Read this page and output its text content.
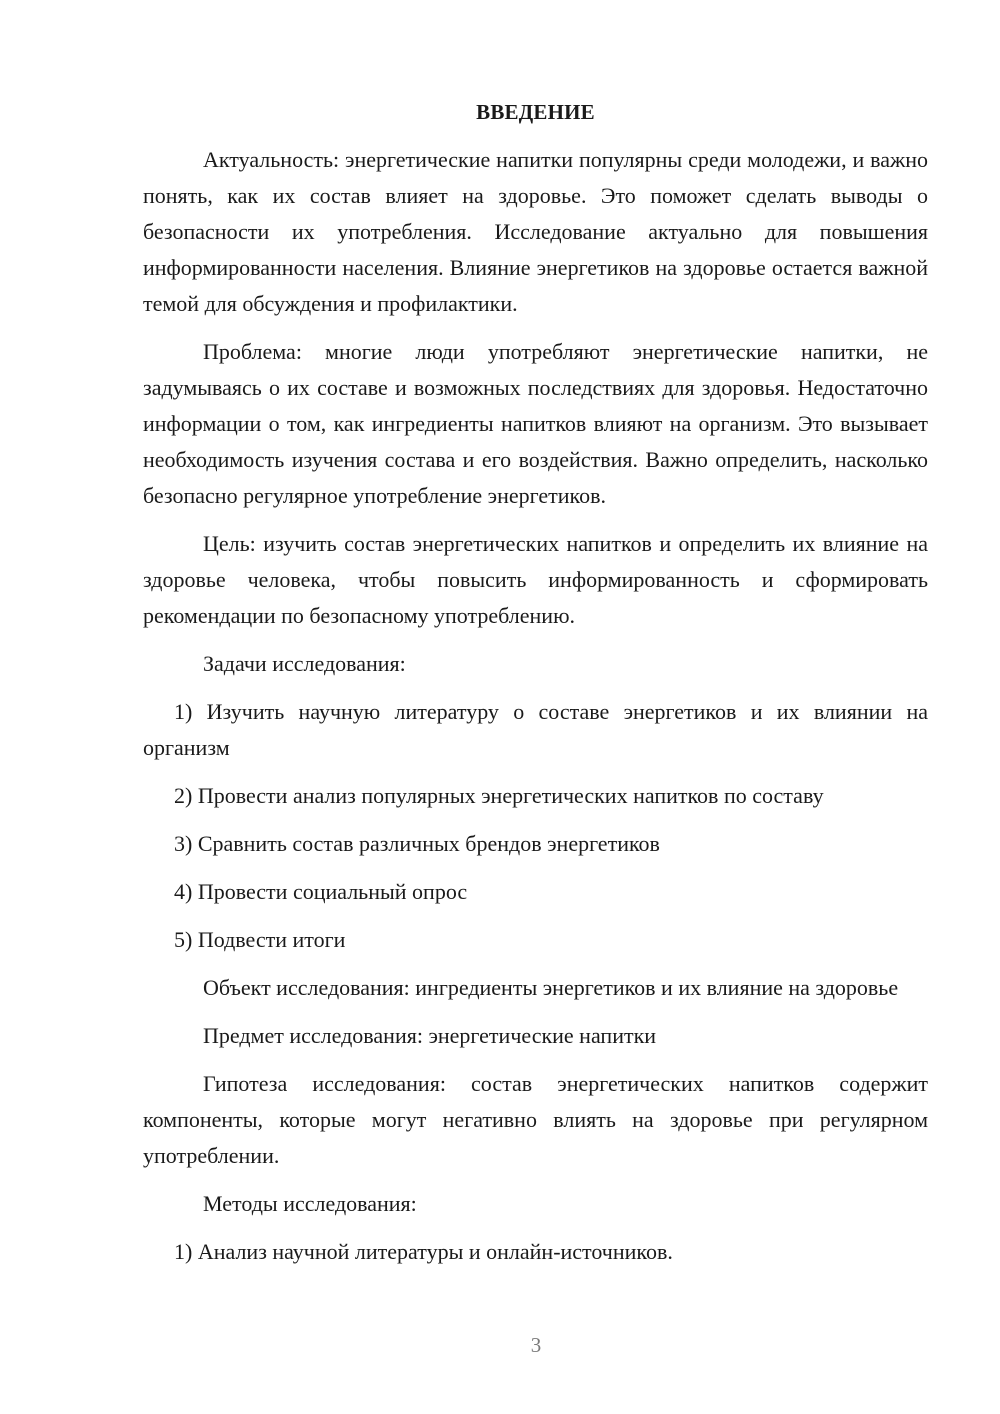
ВВЕДЕНИЕ

Актуальность: энергетические напитки популярны среди молодежи, и важно понять, как их состав влияет на здоровье. Это поможет сделать выводы о безопасности их употребления. Исследование актуально для повышения информированности населения. Влияние энергетиков на здоровье остается важной темой для обсуждения и профилактики.

Проблема: многие люди употребляют энергетические напитки, не задумываясь о их составе и возможных последствиях для здоровья. Недостаточно информации о том, как ингредиенты напитков влияют на организм. Это вызывает необходимость изучения состава и его воздействия. Важно определить, насколько безопасно регулярное употребление энергетиков.

Цель: изучить состав энергетических напитков и определить их влияние на здоровье человека, чтобы повысить информированность и сформировать рекомендации по безопасному употреблению.

Задачи исследования:

1) Изучить научную литературу о составе энергетиков и их влиянии на организм

2) Провести анализ популярных энергетических напитков по составу

3) Сравнить состав различных брендов энергетиков

4) Провести социальный опрос

5) Подвести итоги

Объект исследования: ингредиенты энергетиков и их влияние на здоровье

Предмет исследования: энергетические напитки

Гипотеза исследования: состав энергетических напитков содержит компоненты, которые могут негативно влиять на здоровье при регулярном употреблении.

Методы исследования:

1) Анализ научной литературы и онлайн-источников.

3
